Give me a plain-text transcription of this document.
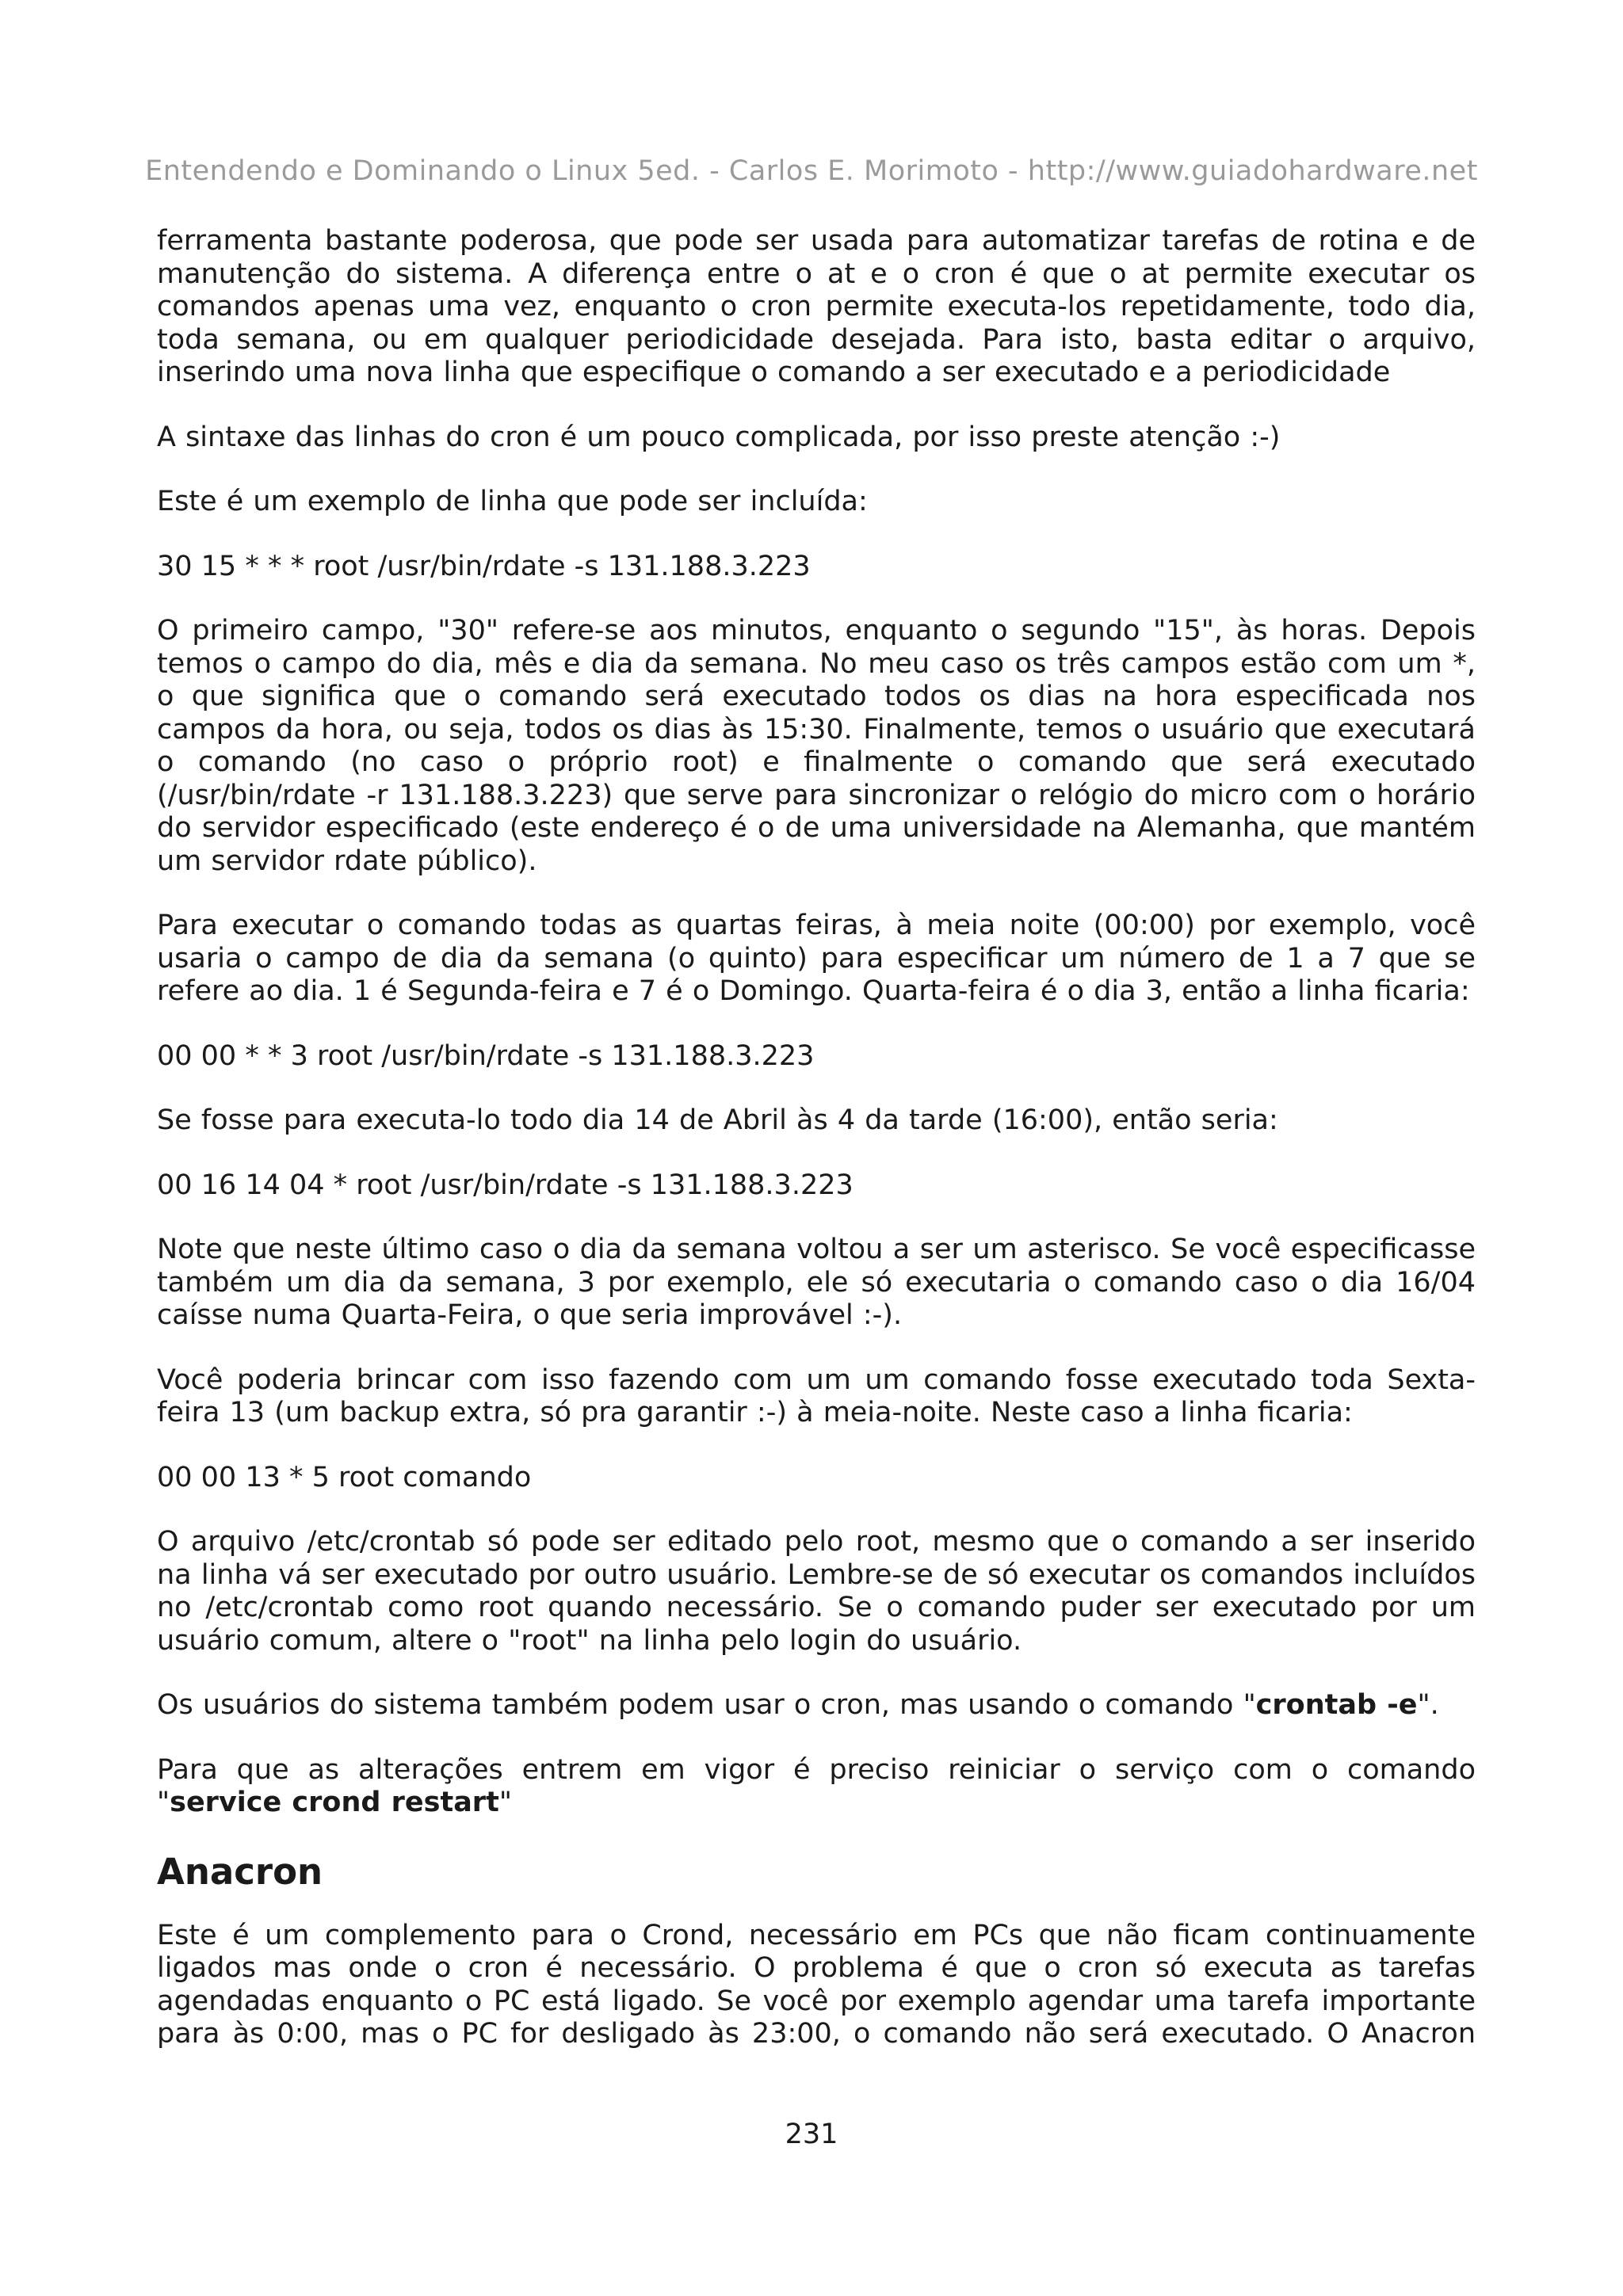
Entendendo e Dominando o Linux 5ed. - Carlos E. Morimoto - http://www.guiadohardware.net
ferramenta bastante poderosa, que pode ser usada para automatizar tarefas de rotina e de manutenção do sistema. A diferença entre o at e o cron é que o at permite executar os comandos apenas uma vez, enquanto o cron permite executa-los repetidamente, todo dia, toda semana, ou em qualquer periodicidade desejada. Para isto, basta editar o arquivo, inserindo uma nova linha que especifique o comando a ser executado e a periodicidade
A sintaxe das linhas do cron é um pouco complicada, por isso preste atenção :-)
Este é um exemplo de linha que pode ser incluída:
30 15 * * * root /usr/bin/rdate -s 131.188.3.223
O primeiro campo, "30" refere-se aos minutos, enquanto o segundo "15", às horas. Depois temos o campo do dia, mês e dia da semana. No meu caso os três campos estão com um *, o que significa que o comando será executado todos os dias na hora especificada nos campos da hora, ou seja, todos os dias às 15:30. Finalmente, temos o usuário que executará o comando (no caso o próprio root) e finalmente o comando que será executado (/usr/bin/rdate -r 131.188.3.223) que serve para sincronizar o relógio do micro com o horário do servidor especificado (este endereço é o de uma universidade na Alemanha, que mantém um servidor rdate público).
Para executar o comando todas as quartas feiras, à meia noite (00:00) por exemplo, você usaria o campo de dia da semana (o quinto) para especificar um número de 1 a 7 que se refere ao dia. 1 é Segunda-feira e 7 é o Domingo. Quarta-feira é o dia 3, então a linha ficaria:
00 00 * * 3 root /usr/bin/rdate -s 131.188.3.223
Se fosse para executa-lo todo dia 14 de Abril às 4 da tarde (16:00), então seria:
00 16 14 04 * root /usr/bin/rdate -s 131.188.3.223
Note que neste último caso o dia da semana voltou a ser um asterisco. Se você especificasse também um dia da semana, 3 por exemplo, ele só executaria o comando caso o dia 16/04 caísse numa Quarta-Feira, o que seria improvável :-).
Você poderia brincar com isso fazendo com um um comando fosse executado toda Sexta-feira 13 (um backup extra, só pra garantir :-) à meia-noite. Neste caso a linha ficaria:
00 00 13 * 5 root comando
O arquivo /etc/crontab só pode ser editado pelo root, mesmo que o comando a ser inserido na linha vá ser executado por outro usuário. Lembre-se de só executar os comandos incluídos no /etc/crontab como root quando necessário. Se o comando puder ser executado por um usuário comum, altere o "root" na linha pelo login do usuário.
Os usuários do sistema também podem usar o cron, mas usando o comando "crontab -e".
Para que as alterações entrem em vigor é preciso reiniciar o serviço com o comando "service crond restart"
Anacron
Este é um complemento para o Crond, necessário em PCs que não ficam continuamente ligados mas onde o cron é necessário. O problema é que o cron só executa as tarefas agendadas enquanto o PC está ligado. Se você por exemplo agendar uma tarefa importante para às 0:00, mas o PC for desligado às 23:00, o comando não será executado. O Anacron
231
